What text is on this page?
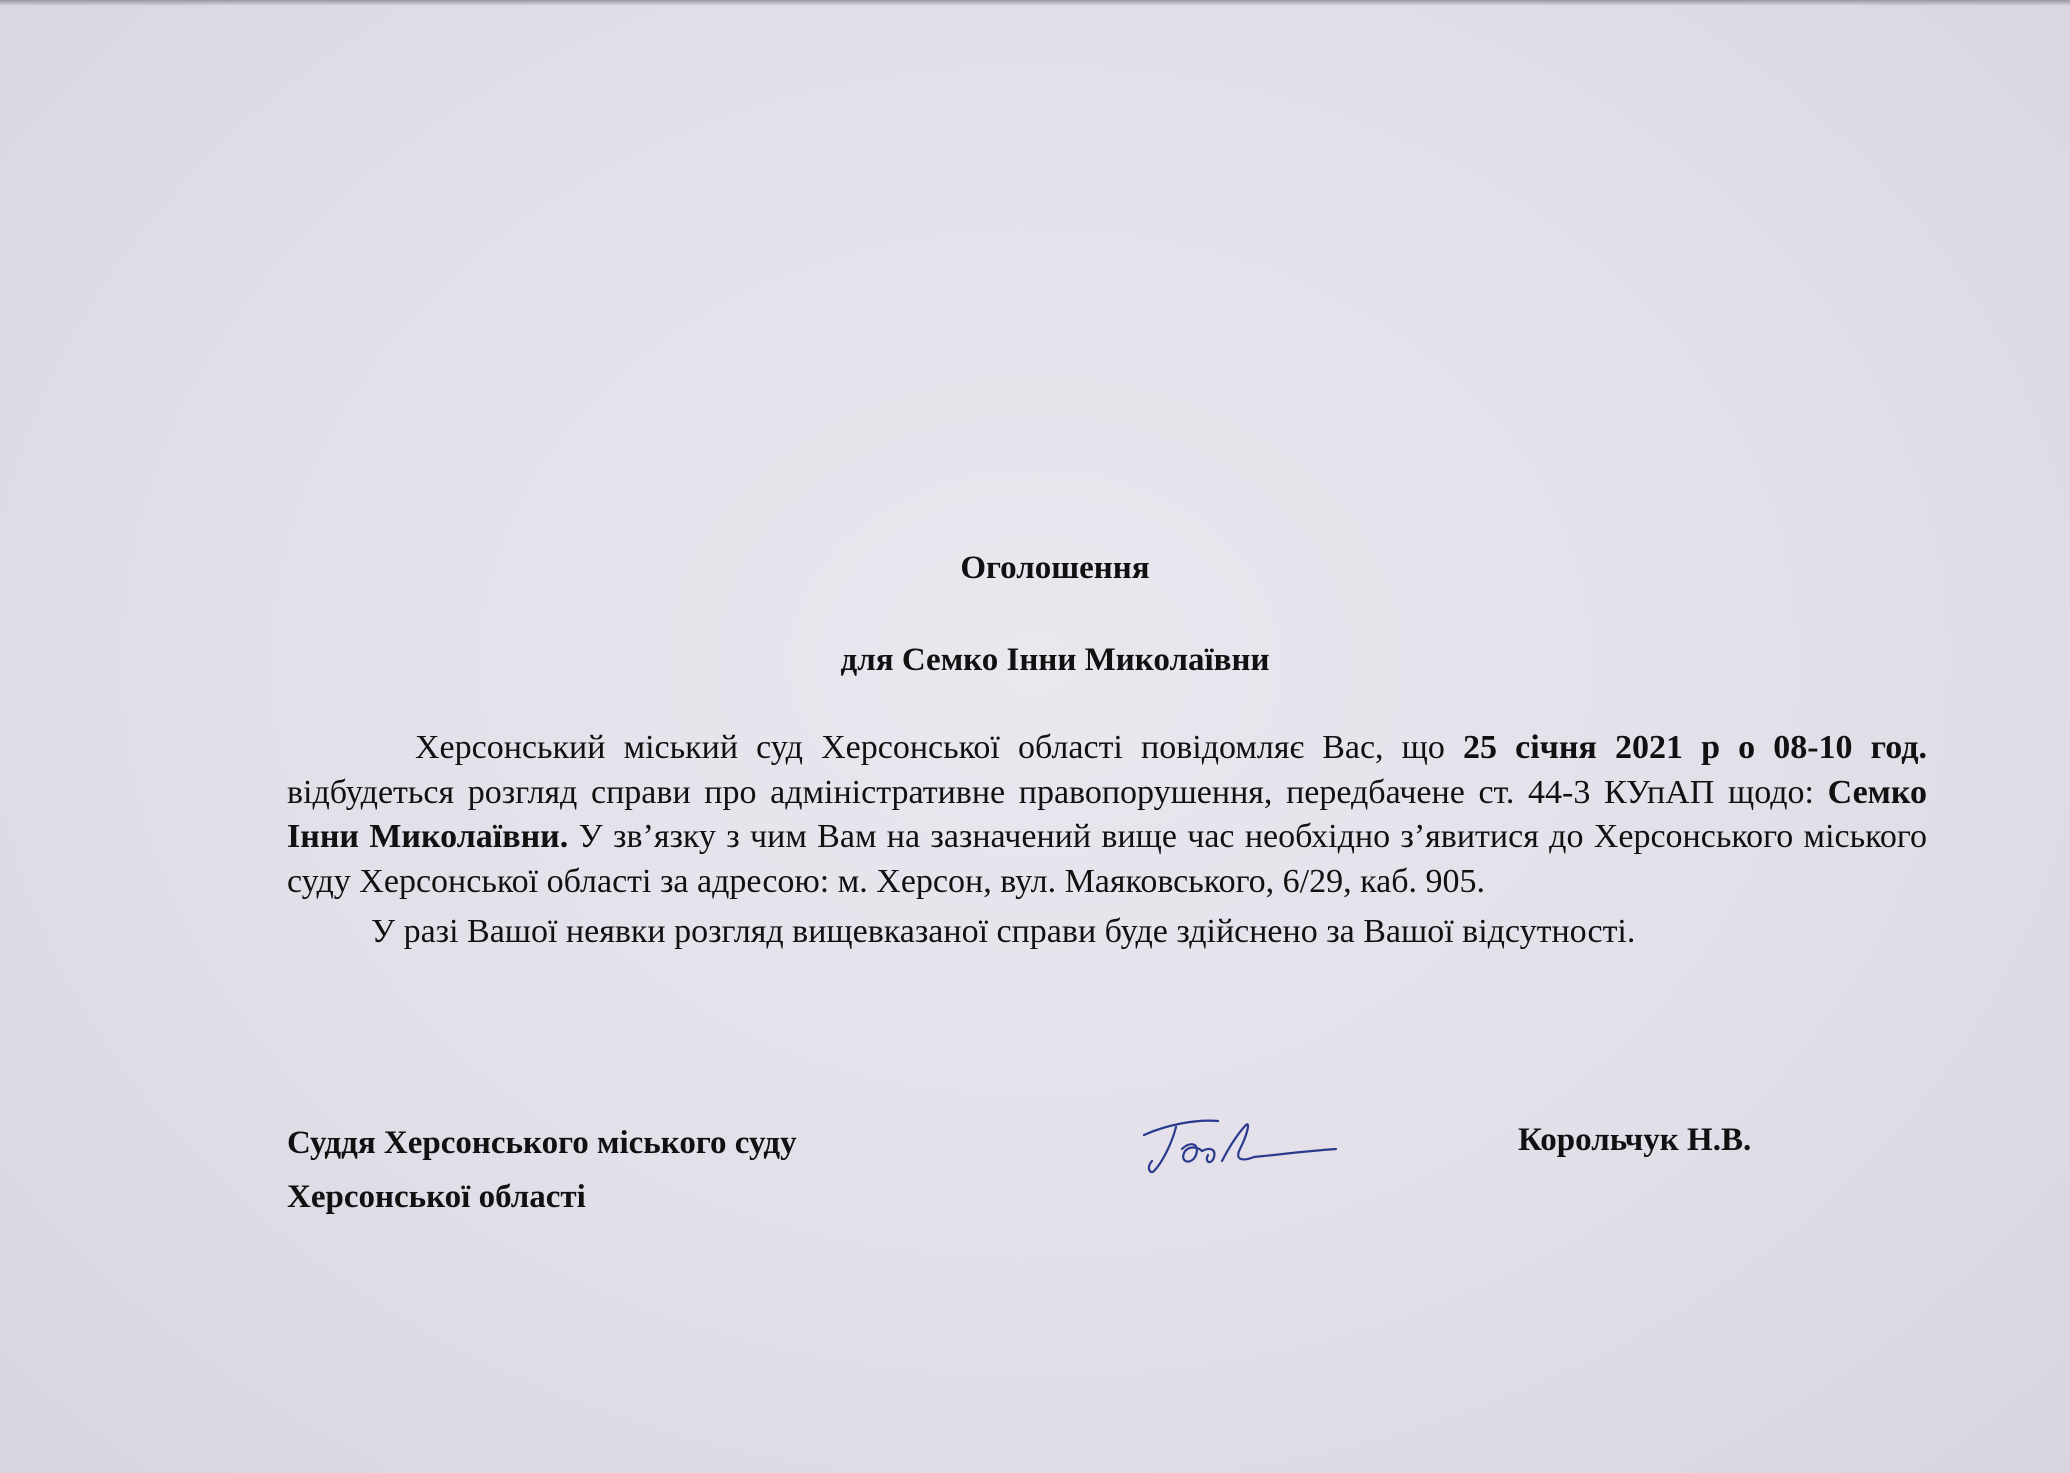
Оголошення
для Семко Інни Миколаївни

Херсонський міський суд Херсонської області повідомляє Вас, що 25 січня 2021 р о 08-10 год. відбудеться розгляд справи про адміністративне правопорушення, передбачене ст. 44-3 КУпАП щодо: Семко Інни Миколаївни. У зв’язку з чим Вам на зазначений вище час необхідно з’явитися до Херсонського міського суду Херсонської області за адресою: м. Херсон, вул. Маяковського, 6/29, каб. 905.

У разі Вашої неявки розгляд вищевказаної справи буде здійснено за Вашої відсутності.

Суддя Херсонського міського суду
Херсонської області
Корольчук Н.В.
